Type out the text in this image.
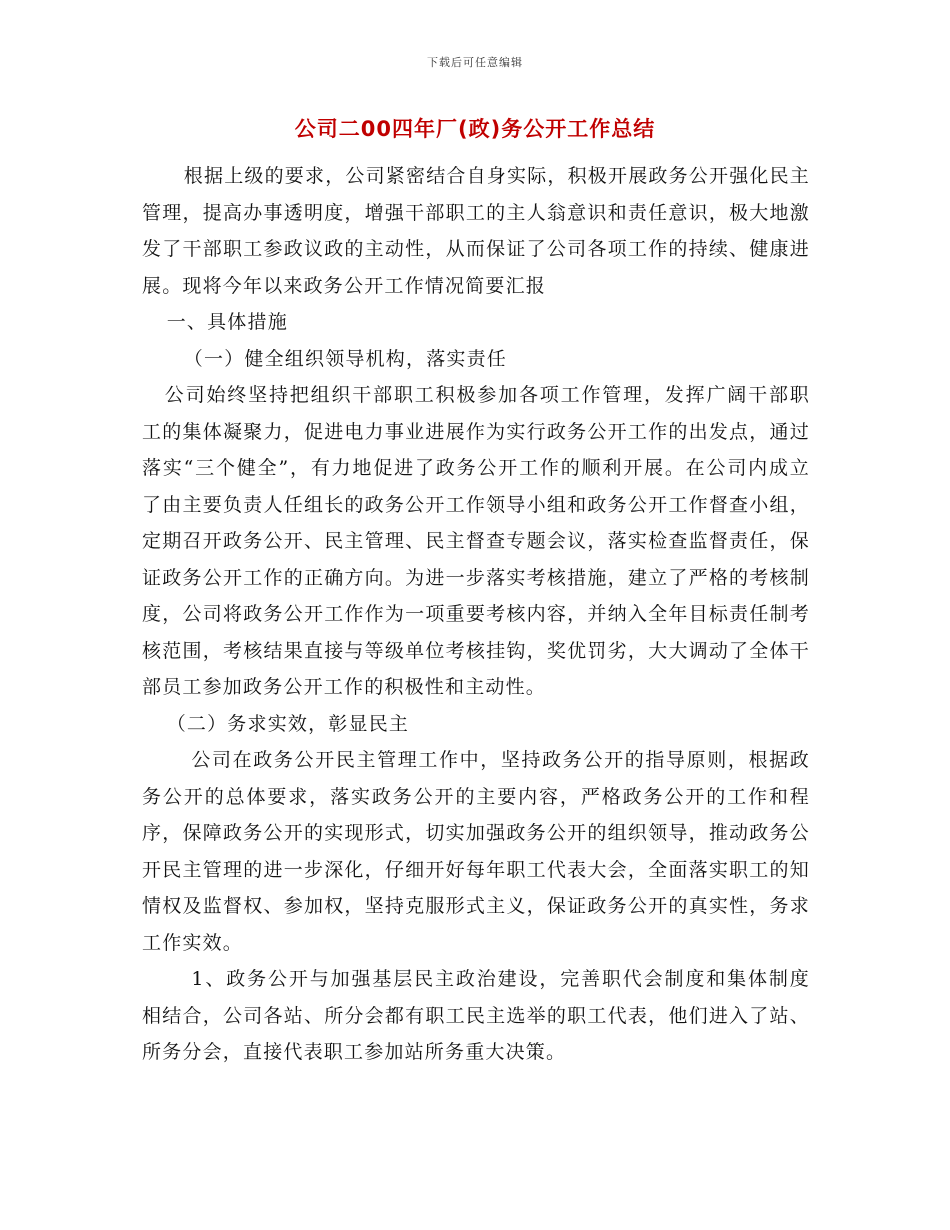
下载后可任意编辑
公司二00四年厂(政)务公开工作总结

根据上级的要求，公司紧密结合自身实际，积极开展政务公开强化民主管理，提高办事透明度，增强干部职工的主人翁意识和责任意识，极大地激发了干部职工参政议政的主动性，从而保证了公司各项工作的持续、健康进展。现将今年以来政务公开工作情况简要汇报

一、具体措施

（一）健全组织领导机构，落实责任

公司始终坚持把组织干部职工积极参加各项工作管理，发挥广阔干部职工的集体凝聚力，促进电力事业进展作为实行政务公开工作的出发点，通过落实“三个健全”，有力地促进了政务公开工作的顺利开展。在公司内成立了由主要负责人任组长的政务公开工作领导小组和政务公开工作督查小组，定期召开政务公开、民主管理、民主督查专题会议，落实检查监督责任，保证政务公开工作的正确方向。为进一步落实考核措施，建立了严格的考核制度，公司将政务公开工作作为一项重要考核内容，并纳入全年目标责任制考核范围，考核结果直接与等级单位考核挂钩，奖优罚劣，大大调动了全体干部员工参加政务公开工作的积极性和主动性。

（二）务求实效，彰显民主

公司在政务公开民主管理工作中，坚持政务公开的指导原则，根据政务公开的总体要求，落实政务公开的主要内容，严格政务公开的工作和程序，保障政务公开的实现形式，切实加强政务公开的组织领导，推动政务公开民主管理的进一步深化，仔细开好每年职工代表大会，全面落实职工的知情权及监督权、参加权，坚持克服形式主义，保证政务公开的真实性，务求工作实效。

1、政务公开与加强基层民主政治建设，完善职代会制度和集体制度相结合，公司各站、所分会都有职工民主选举的职工代表，他们进入了站、所务分会，直接代表职工参加站所务重大决策。
